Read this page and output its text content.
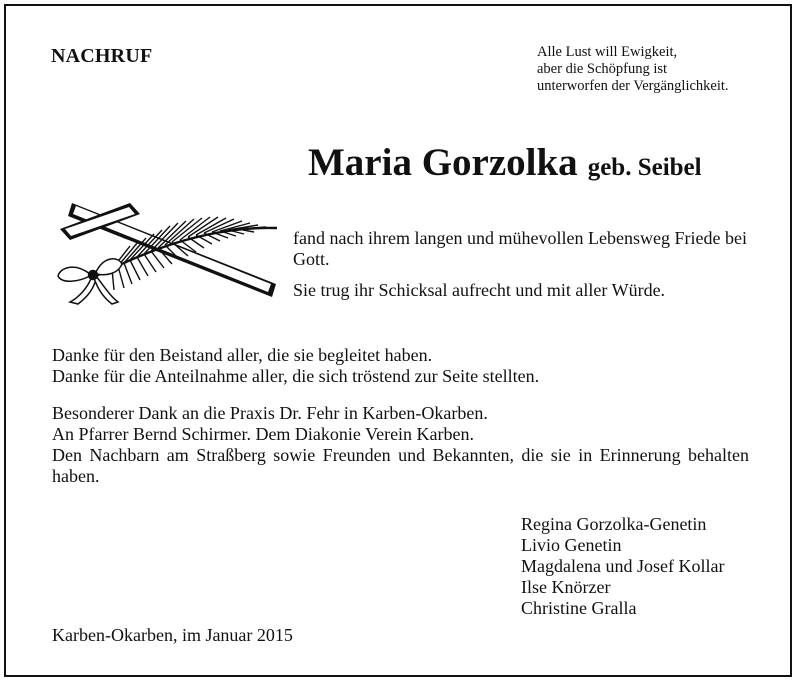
NACHRUF	Alle Lust will Ewigkeit,
aber die Schöpfung ist
unterworfen der Vergänglichkeit.
Maria Gorzolka geb. Seibel

fand nach ihrem langen und mühevollen Lebensweg Friede bei Gott.

Sie trug ihr Schicksal aufrecht und mit aller Würde.

Danke für den Beistand aller, die sie begleitet haben.

Danke für die Anteilnahme aller, die sich tröstend zur Seite stellten.

Besonderer Dank an die Praxis Dr. Fehr in Karben-Okarben.

An Pfarrer Bernd Schirmer. Dem Diakonie Verein Karben.

Den Nachbarn am Straßberg sowie Freunden und Bekannten, die sie in Erinnerung behalten haben.

Regina Gorzolka-Genetin
Livio Genetin
Magdalena und Josef Kollar
Ilse Knörzer
Christine Gralla
Karben-Okarben, im Januar 2015
